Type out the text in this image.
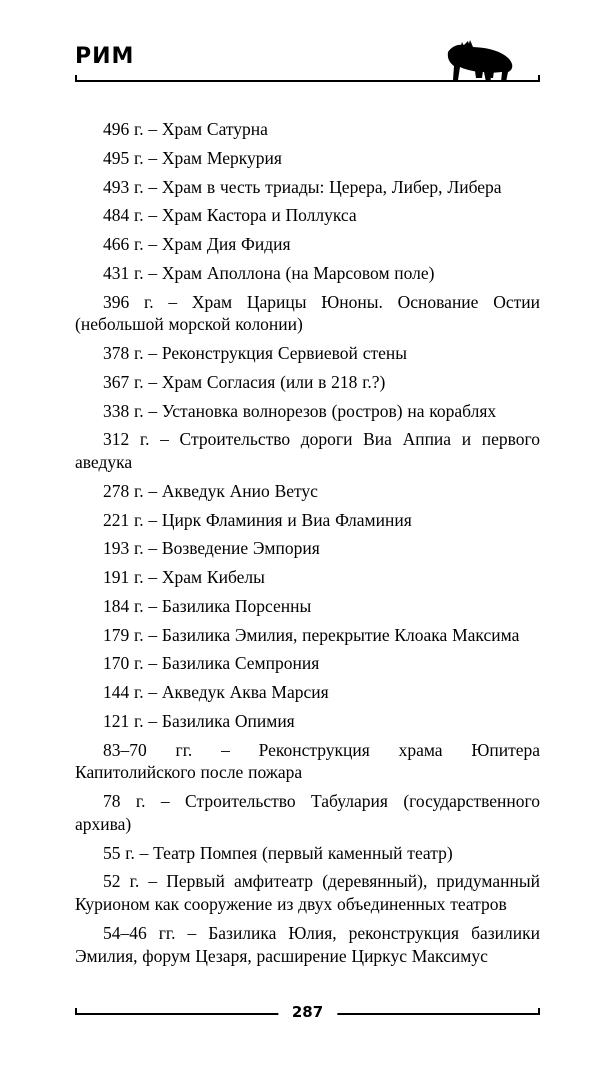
РИМ

496 г. – Храм Сатурна

495 г. – Храм Меркурия

493 г. – Храм в честь триады: Церера, Либер, Либера

484 г. – Храм Кастора и Поллукса

466 г. – Храм Дия Фидия

431 г. – Храм Аполлона (на Марсовом поле)

396 г. – Храм Царицы Юноны. Основание Остии (небольшой морской колонии)

378 г. – Реконструкция Сервиевой стены

367 г. – Храм Согласия (или в 218 г.?)

338 г. – Установка волнорезов (ростров) на кораблях

312 г. – Строительство дороги Виа Аппиа и первого аведука

278 г. – Акведук Анио Ветус

221 г. – Цирк Фламиния и Виа Фламиния

193 г. – Возведение Эмпория

191 г. – Храм Кибелы

184 г. – Базилика Порсенны

179 г. – Базилика Эмилия, перекрытие Клоака Максима

170 г. – Базилика Семпрония

144 г. – Акведук Аква Марсия

121 г. – Базилика Опимия

83–70 гг. – Реконструкция храма Юпитера Капитолийского после пожара

78 г. – Строительство Табулария (государственного архива)

55 г. – Театр Помпея (первый каменный театр)

52 г. – Первый амфитеатр (деревянный), придуманный Курионом как сооружение из двух объединенных театров

54–46 гг. – Базилика Юлия, реконструкция базилики Эмилия, форум Цезаря, расширение Циркус Максимус

287
